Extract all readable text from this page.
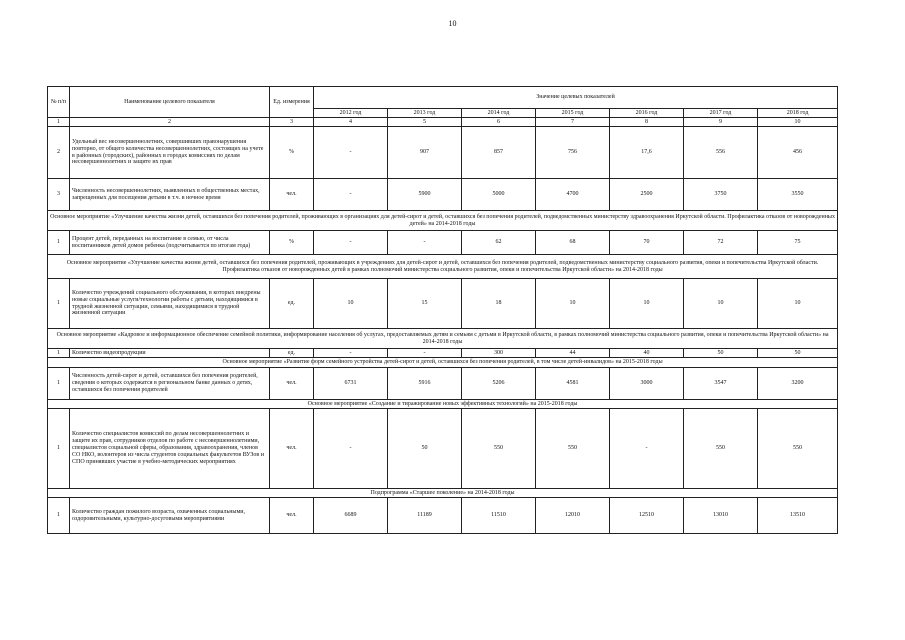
10
№ п/п	Наименование целевого показателя	Ед. измерения	Значение целевых показателей						
			2012 год	2013 год	2014 год	2015 год	2016 год	2017 год	2018 год
1	2	3	4	5	6	7	8	9	10
2	Удельный вес несовершеннолетних, совершивших правонарушения повторно, от общего количества несовершеннолетних, состоящих на учете в районных (городских), районных в городах комиссиях по делам несовершеннолетних и защите их прав	%	-	907	857	756	17,6	556	456
3	Численность несовершеннолетних, выявленных в общественных местах, запрещенных для посещения детьми в т.ч. в ночное время	чел.	-	5900	5000	4700	2500	3750	3550
Основное мероприятие «Улучшение качества жизни детей, оставшихся без попечения родителей, проживающих в организациях для детей-сирот и детей, оставшихся без попечения родителей, подведомственных министерству здравоохранения Иркутской области. Профилактика отказов от новорожденных детей» на 2014-2018 годы									
1	Процент детей, переданных на воспитание в семью, от числа воспитанников детей домов ребенка (подсчитывается по итогам года)	%	-	-	62	68	70	72	75
Основное мероприятие «Улучшение качества жизни детей, оставшихся без попечения родителей, проживающих в учреждениях для детей-сирот и детей, оставшихся без попечения родителей, подведомственных министерству социального развития, опеки и попечительства Иркутской области. Профилактика отказов от новорожденных детей в рамках полномочий министерства социального развития, опеки и попечительства Иркутской области» на 2014-2018 годы									
1	Количество учреждений социального обслуживания, в которых внедрены новые социальные услуги/технологии работы с детьми, находящимися в трудной жизненной ситуации, семьями, находящимися в трудной жизненной ситуации	ед.	10	15	18	10	10	10	10
Основное мероприятие «Кадровое и информационное обеспечение семейной политики, информирование населения об услугах, предоставляемых детям и семьям с детьми в Иркутской области, в рамках полномочий министерства социального развития, опеки и попечительства Иркутской области» на 2014-2018 годы									
1	Количество видеопродукции	ед.	-	-	300	44	40	50	50
Основное мероприятие «Развитие форм семейного устройства детей-сирот и детей, оставшихся без попечения родителей, в том числе детей-инвалидов» на 2015-2018 годы									
1	Численность детей-сирот и детей, оставшихся без попечения родителей, сведения о которых содержатся в региональном банке данных о детях, оставшихся без попечения родителей	чел.	6731	5916	5206	4581	3000	3547	3200
Основное мероприятие «Создание и тиражирование новых эффективных технологий» на 2015-2018 годы									
1	Количество специалистов комиссий по делам несовершеннолетних и защите их прав, сотрудников отделов по работе с несовершеннолетними, специалистов социальной сферы, образования, здравоохранения, членов СО НКО, волонтеров из числа студентов социальных факультетов ВУЗов и СПО принявших участие в учебно-методических мероприятиях	чел.	-	50	550	550	-	550	550
Подпрограмма «Старшее поколение» на 2014-2018 годы									
1	Количество граждан пожилого возраста, охваченных социальными, оздоровительными, культурно-досуговыми мероприятиями	чел.	6689	11189	11510	12010	12510	13010	13510
